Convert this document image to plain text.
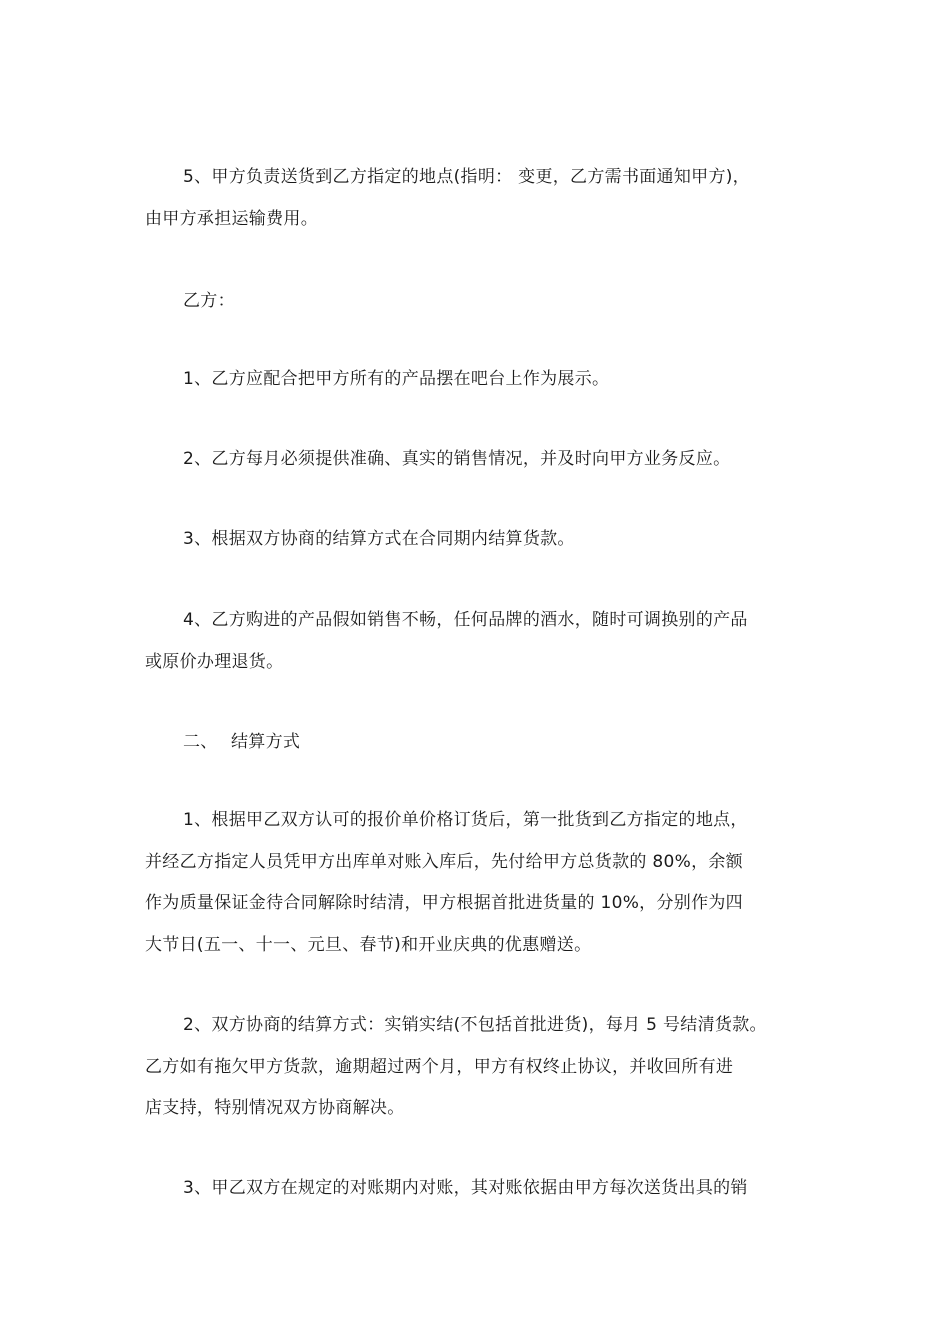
5、甲方负责送货到乙方指定的地点(指明： 变更，乙方需书面通知甲方)，
由甲方承担运输费用。
乙方：
1、乙方应配合把甲方所有的产品摆在吧台上作为展示。
2、乙方每月必须提供准确、真实的销售情况，并及时向甲方业务反应。
3、根据双方协商的结算方式在合同期内结算货款。
4、乙方购进的产品假如销售不畅，任何品牌的酒水，随时可调换别的产品
或原价办理退货。
二、 结算方式
1、根据甲乙双方认可的报价单价格订货后，第一批货到乙方指定的地点，
并经乙方指定人员凭甲方出库单对账入库后，先付给甲方总货款的 80%，余额
作为质量保证金待合同解除时结清，甲方根据首批进货量的 10%，分别作为四
大节日(五一、十一、元旦、春节)和开业庆典的优惠赠送。
2、双方协商的结算方式：实销实结(不包括首批进货)，每月 5 号结清货款。
乙方如有拖欠甲方货款，逾期超过两个月，甲方有权终止协议，并收回所有进
店支持，特别情况双方协商解决。
3、甲乙双方在规定的对账期内对账，其对账依据由甲方每次送货出具的销
